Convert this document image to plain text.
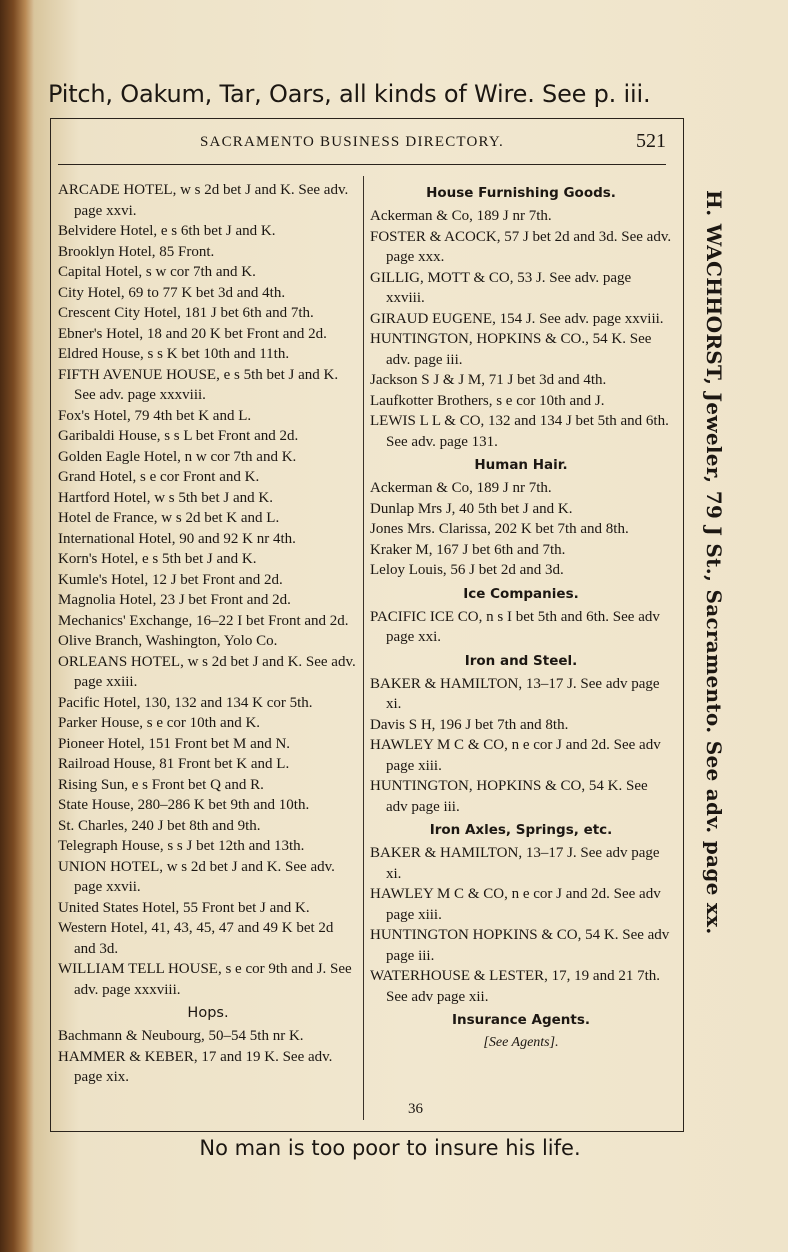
Pitch, Oakum, Tar, Oars, all kinds of Wire. See p. iii.
SACRAMENTO BUSINESS DIRECTORY.	521

ARCADE HOTEL, w s 2d bet J and K. See adv. page xxvi.

Belvidere Hotel, e s 6th bet J and K.

Brooklyn Hotel, 85 Front.

Capital Hotel, s w cor 7th and K.

City Hotel, 69 to 77 K bet 3d and 4th.

Crescent City Hotel, 181 J bet 6th and 7th.

Ebner's Hotel, 18 and 20 K bet Front and 2d.

Eldred House, s s K bet 10th and 11th.

FIFTH AVENUE HOUSE, e s 5th bet J and K. See adv. page xxxviii.

Fox's Hotel, 79 4th bet K and L.

Garibaldi House, s s L bet Front and 2d.

Golden Eagle Hotel, n w cor 7th and K.

Grand Hotel, s e cor Front and K.

Hartford Hotel, w s 5th bet J and K.

Hotel de France, w s 2d bet K and L.

International Hotel, 90 and 92 K nr 4th.

Korn's Hotel, e s 5th bet J and K.

Kumle's Hotel, 12 J bet Front and 2d.

Magnolia Hotel, 23 J bet Front and 2d.

Mechanics' Exchange, 16–22 I bet Front and 2d.

Olive Branch, Washington, Yolo Co.

ORLEANS HOTEL, w s 2d bet J and K. See adv. page xxiii.

Pacific Hotel, 130, 132 and 134 K cor 5th.

Parker House, s e cor 10th and K.

Pioneer Hotel, 151 Front bet M and N.

Railroad House, 81 Front bet K and L.

Rising Sun, e s Front bet Q and R.

State House, 280–286 K bet 9th and 10th.

St. Charles, 240 J bet 8th and 9th.

Telegraph House, s s J bet 12th and 13th.

UNION HOTEL, w s 2d bet J and K. See adv. page xxvii.

United States Hotel, 55 Front bet J and K.

Western Hotel, 41, 43, 45, 47 and 49 K bet 2d and 3d.

WILLIAM TELL HOUSE, s e cor 9th and J. See adv. page xxxviii.

Hops.

Bachmann & Neubourg, 50–54 5th nr K.

HAMMER & KEBER, 17 and 19 K. See adv. page xix.

House Furnishing Goods.

Ackerman & Co, 189 J nr 7th.

FOSTER & ACOCK, 57 J bet 2d and 3d. See adv. page xxx.

GILLIG, MOTT & CO, 53 J. See adv. page xxviii.

GIRAUD EUGENE, 154 J. See adv. page xxviii.

HUNTINGTON, HOPKINS & CO., 54 K. See adv. page iii.

Jackson S J & J M, 71 J bet 3d and 4th.

Laufkotter Brothers, s e cor 10th and J.

LEWIS L L & CO, 132 and 134 J bet 5th and 6th. See adv. page 131.

Human Hair.

Ackerman & Co, 189 J nr 7th.

Dunlap Mrs J, 40 5th bet J and K.

Jones Mrs. Clarissa, 202 K bet 7th and 8th.

Kraker M, 167 J bet 6th and 7th.

Leloy Louis, 56 J bet 2d and 3d.

Ice Companies.

PACIFIC ICE CO, n s I bet 5th and 6th. See adv page xxi.

Iron and Steel.

BAKER & HAMILTON, 13–17 J. See adv page xi.

Davis S H, 196 J bet 7th and 8th.

HAWLEY M C & CO, n e cor J and 2d. See adv page xiii.

HUNTINGTON, HOPKINS & CO, 54 K. See adv page iii.

Iron Axles, Springs, etc.

BAKER & HAMILTON, 13–17 J. See adv page xi.

HAWLEY M C & CO, n e cor J and 2d. See adv page xiii.

HUNTINGTON HOPKINS & CO, 54 K. See adv page iii.

WATERHOUSE & LESTER, 17, 19 and 21 7th. See adv page xii.

Insurance Agents.
[See Agents].
36
No man is too poor to insure his life.
H. WACHHORST, Jeweler, 79 J St., Sacramento. See adv. page xx.
